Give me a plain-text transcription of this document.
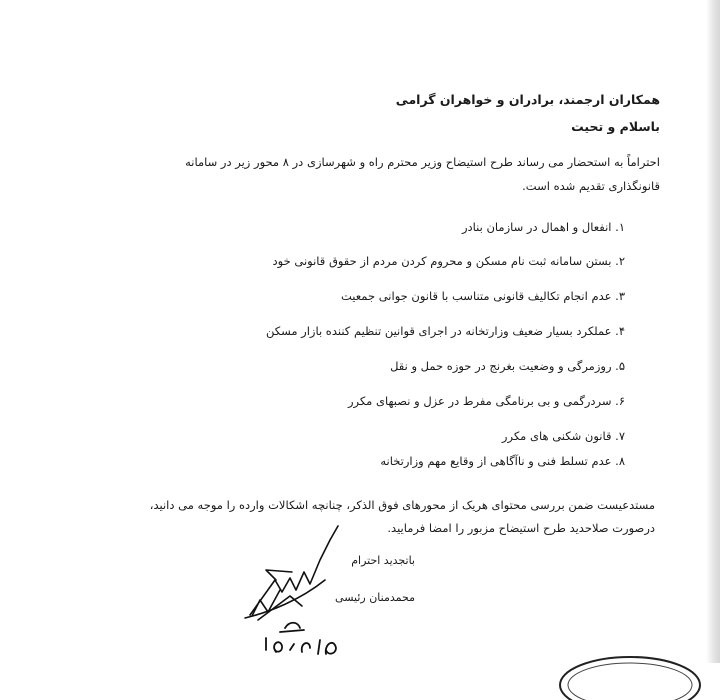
همکاران ارجمند، برادران و خواهران گرامی
باسلام و تحیت
احتراماً به استحضار می رساند طرح استیضاح وزیر محترم راه و شهرسازی در ۸ محور زیر در سامانه
قانونگذاری تقدیم شده است.
۱. انفعال و اهمال در سازمان بنادر
۲. بستن سامانه ثبت نام مسکن و محروم کردن مردم از حقوق قانونی خود
۳. عدم انجام تکالیف قانونی متناسب با قانون جوانی جمعیت
۴. عملکرد بسیار ضعیف وزارتخانه در اجرای قوانین تنظیم کننده بازار مسکن
۵. روزمرگی و وضعیت بغرنج در حوزه حمل و نقل
۶. سردرگمی و بی برنامگی مفرط در عزل و نصبهای مکرر
۷. قانون شکنی های مکرر
۸. عدم تسلط فنی و ناآگاهی از وقایع مهم وزارتخانه
مستدعیست ضمن بررسی محتوای هریک از محورهای فوق الذکر، چنانچه اشکالات وارده را موجه می دانید،
درصورت صلاحدید طرح استیضاح مزبور را امضا فرمایید.
باتجدید احترام
محمدمنان رئیسی
